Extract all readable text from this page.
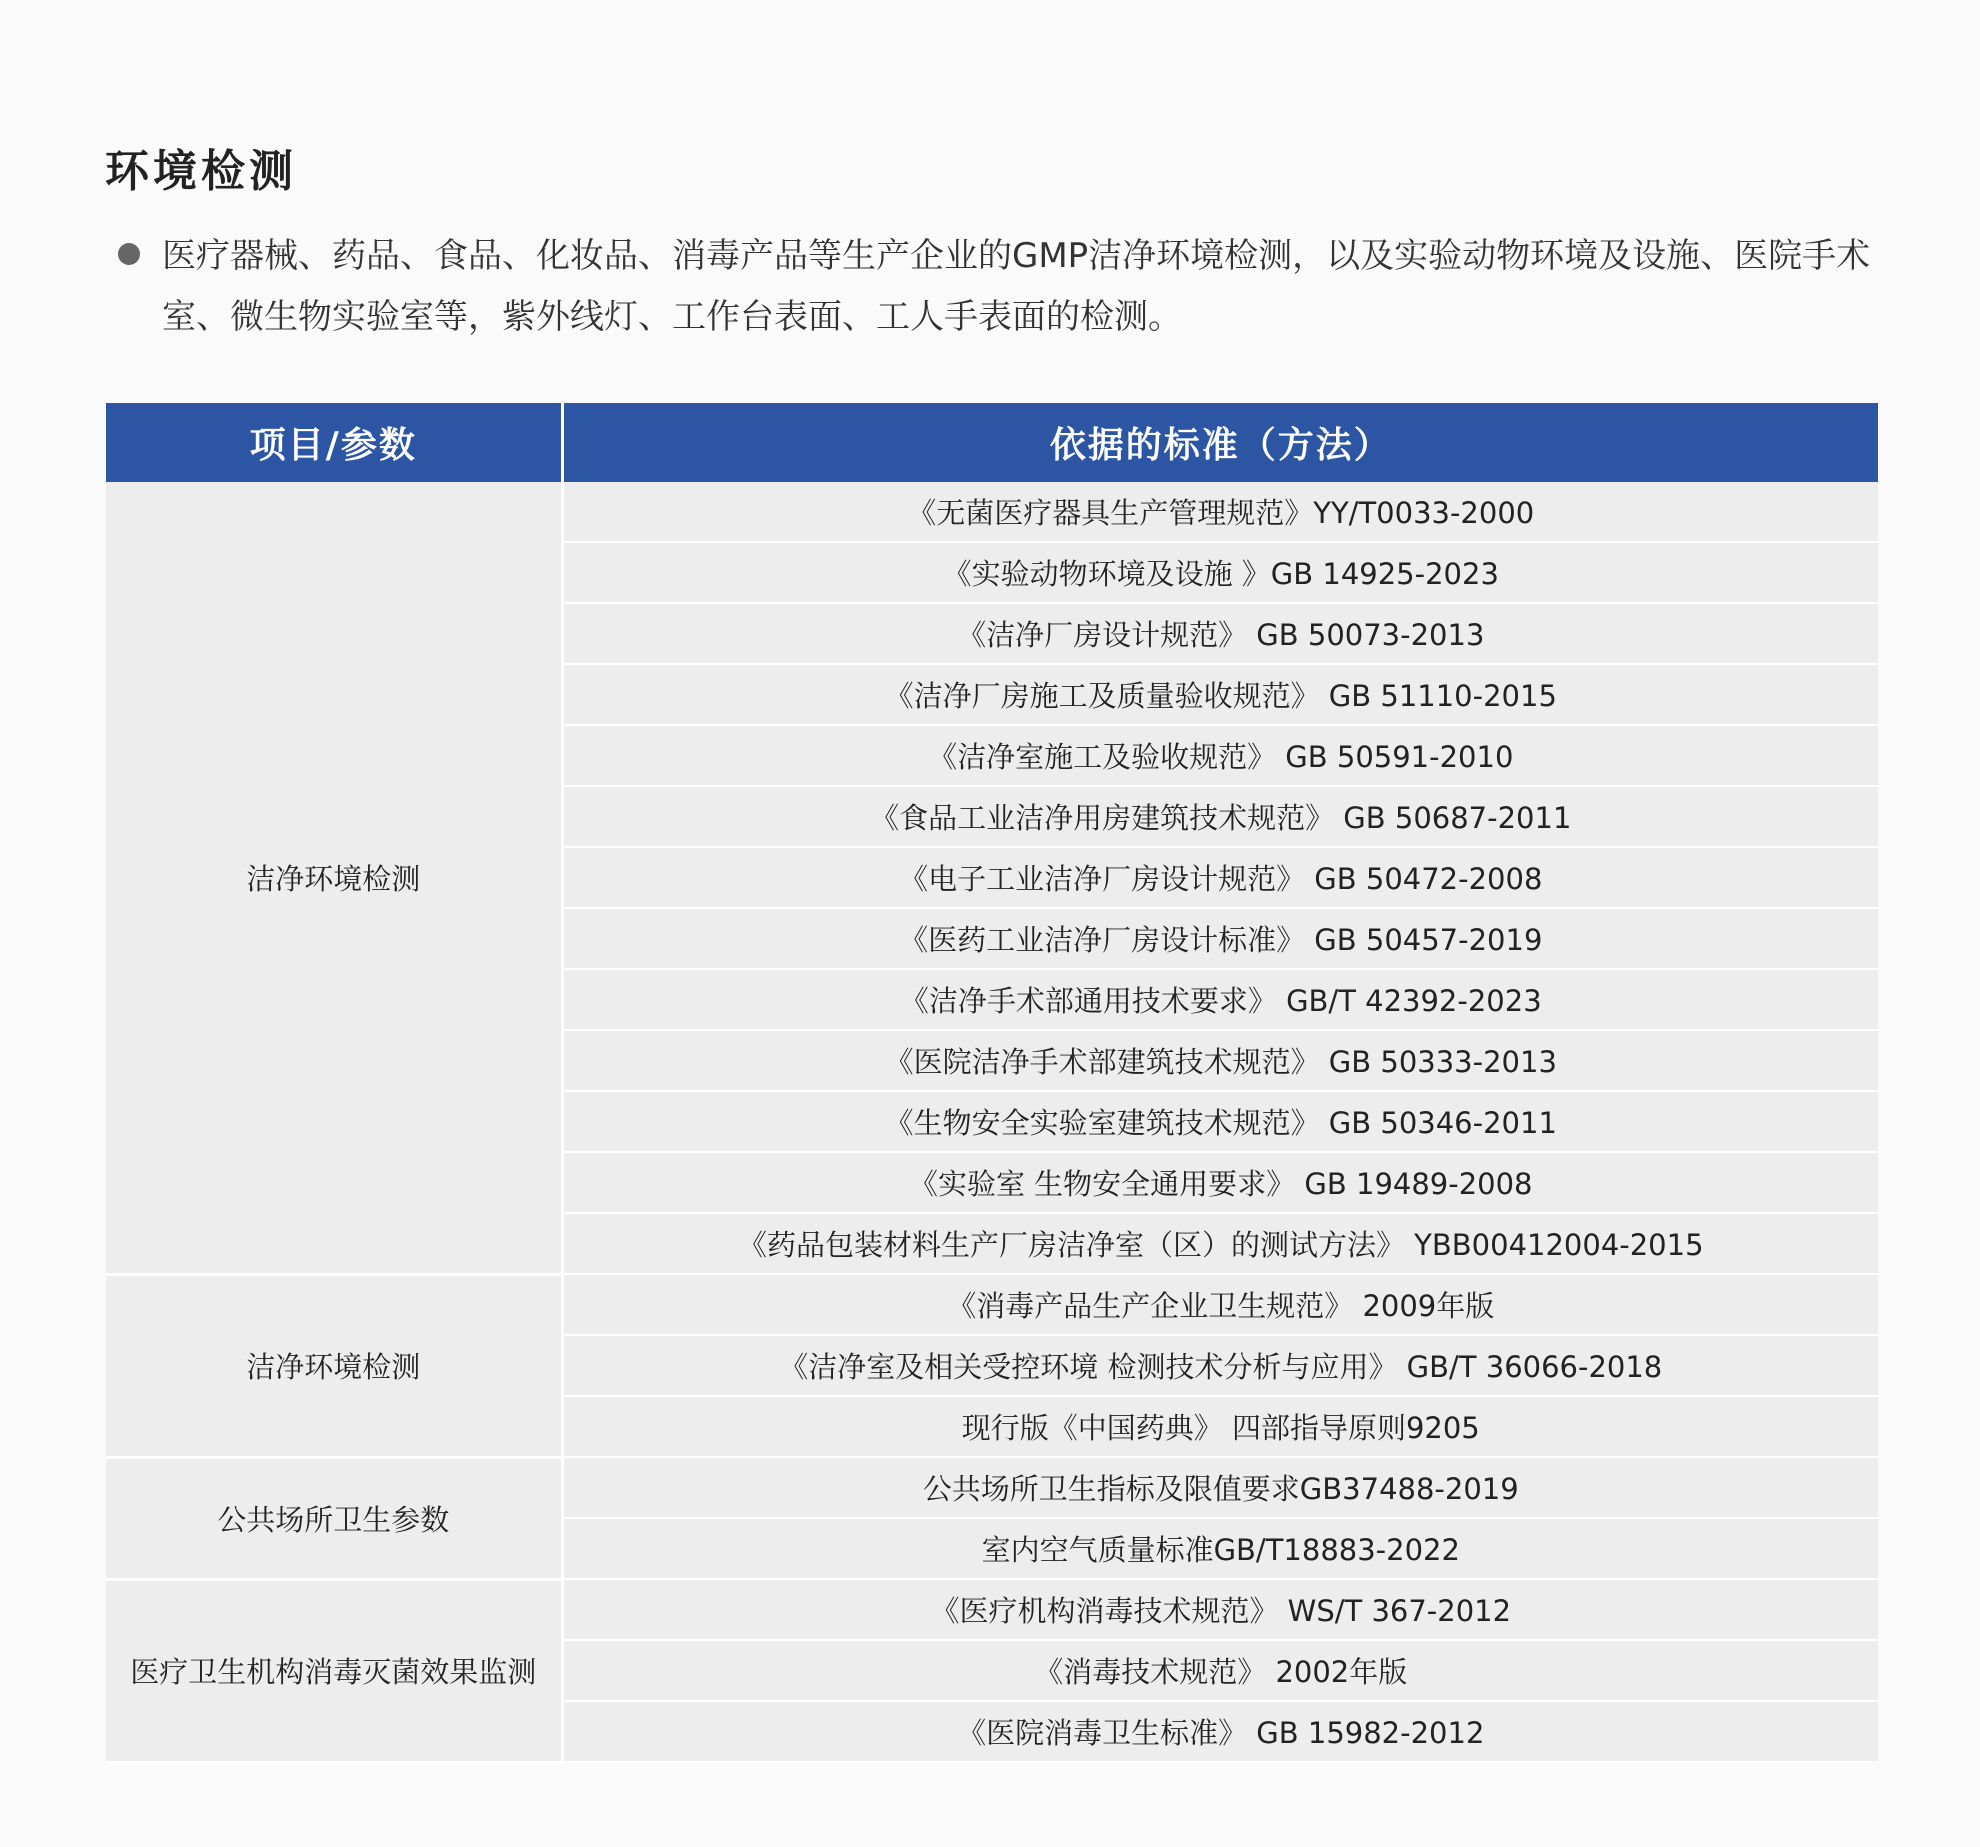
环境检测
医疗器械、药品、食品、化妆品、消毒产品等生产企业的GMP洁净环境检测，以及实验动物环境及设施、医院手术室、微生物实验室等，紫外线灯、工作台表面、工人手表面的检测。
项目/参数	依据的标准（方法）
洁净环境检测	《无菌医疗器具生产管理规范》YY/T0033-2000
	《实验动物环境及设施 》GB 14925-2023
	《洁净厂房设计规范》 GB 50073-2013
	《洁净厂房施工及质量验收规范》 GB 51110-2015
	《洁净室施工及验收规范》 GB 50591-2010
	《食品工业洁净用房建筑技术规范》 GB 50687-2011
	《电子工业洁净厂房设计规范》 GB 50472-2008
	《医药工业洁净厂房设计标准》 GB 50457-2019
	《洁净手术部通用技术要求》 GB/T 42392-2023
	《医院洁净手术部建筑技术规范》 GB 50333-2013
	《生物安全实验室建筑技术规范》 GB 50346-2011
	《实验室 生物安全通用要求》 GB 19489-2008
	《药品包装材料生产厂房洁净室（区）的测试方法》 YBB00412004-2015
洁净环境检测	《消毒产品生产企业卫生规范》 2009年版
	《洁净室及相关受控环境 检测技术分析与应用》 GB/T 36066-2018
	现行版《中国药典》 四部指导原则9205
公共场所卫生参数	公共场所卫生指标及限值要求GB37488-2019
	室内空气质量标准GB/T18883-2022
医疗卫生机构消毒灭菌效果监测	《医疗机构消毒技术规范》 WS/T 367-2012
	《消毒技术规范》 2002年版
	《医院消毒卫生标准》 GB 15982-2012
